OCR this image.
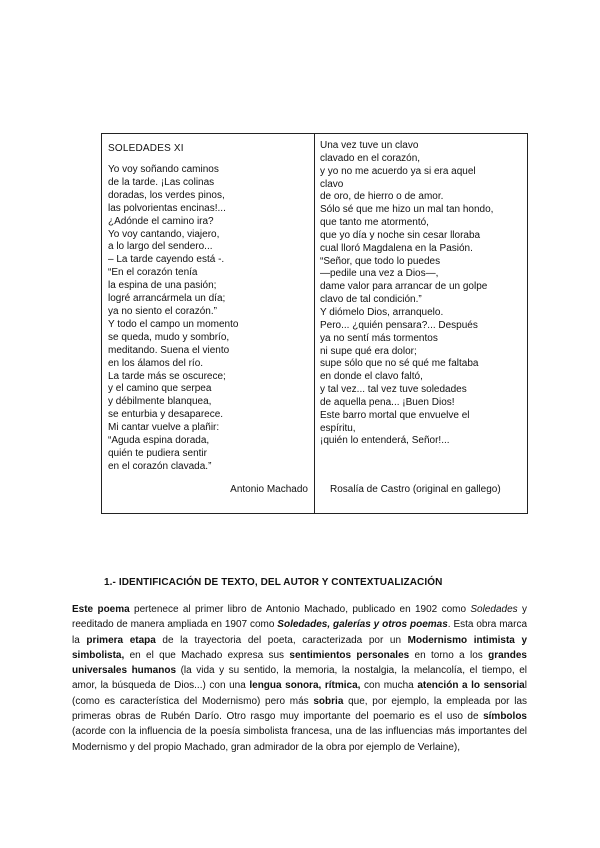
SOLEDADES XI
Yo voy soñando caminos
de la tarde. ¡Las colinas
doradas, los verdes pinos,
las polvorientas encinas!...
¿Adónde el camino ira?
Yo voy cantando, viajero,
a lo largo del sendero...
– La tarde cayendo está -.
“En el corazón tenía
la espina de una pasión;
logré arrancármela un día;
ya no siento el corazón.”
Y todo el campo un momento
se queda, mudo y sombrío,
meditando. Suena el viento
en los álamos del río.
La tarde más se oscurece;
y el camino que serpea
y débilmente blanquea,
se enturbia y desaparece.
Mi cantar vuelve a plañir:
“Aguda espina dorada,
quién te pudiera sentir
en el corazón clavada.”
Antonio Machado
Una vez tuve un clavo
clavado en el corazón,
y yo no me acuerdo ya si era aquel
clavo
de oro, de hierro o de amor.
Sólo sé que me hizo un mal tan hondo,
que tanto me atormentó,
que yo día y noche sin cesar lloraba
cual lloró Magdalena en la Pasión.
“Señor, que todo lo puedes
—pedile una vez a Dios—,
dame valor para arrancar de un golpe
clavo de tal condición.”
Y diómelo Dios, arranquelo.
Pero... ¿quién pensara?... Después
ya no sentí más tormentos
ni supe qué era dolor;
supe sólo que no sé qué me faltaba
en donde el clavo faltó,
y tal vez... tal vez tuve soledades
de aquella pena... ¡Buen Dios!
Este barro mortal que envuelve el
espíritu,
¡quién lo entenderá, Señor!...
Rosalía de Castro (original en gallego)
1.- IDENTIFICACIÓN DE TEXTO, DEL AUTOR Y CONTEXTUALIZACIÓN

Este poema pertenece al primer libro de Antonio Machado, publicado en 1902 como Soledades y reeditado de manera ampliada en 1907 como Soledades, galerías y otros poemas. Esta obra marca la primera etapa de la trayectoria del poeta, caracterizada por un Modernismo intimista y simbolista, en el que Machado expresa sus sentimientos personales en torno a los grandes universales humanos (la vida y su sentido, la memoria, la nostalgia, la melancolía, el tiempo, el amor, la búsqueda de Dios...) con una lengua sonora, rítmica, con mucha atención a lo sensorial (como es característica del Modernismo) pero más sobria que, por ejemplo, la empleada por las primeras obras de Rubén Darío. Otro rasgo muy importante del poemario es el uso de símbolos (acorde con la influencia de la poesía simbolista francesa, una de las influencias más importantes del Modernismo y del propio Machado, gran admirador de la obra por ejemplo de Verlaine),
